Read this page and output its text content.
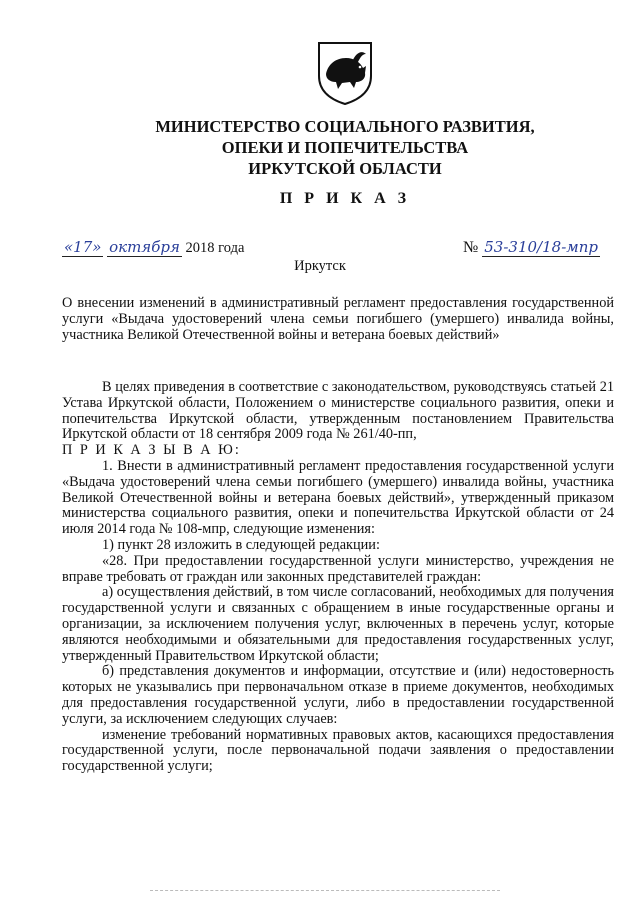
МИНИСТЕРСТВО СОЦИАЛЬНОГО РАЗВИТИЯ,
ОПЕКИ И ПОПЕЧИТЕЛЬСТВА
ИРКУТСКОЙ ОБЛАСТИ
П Р И К А З
«17» октября 2018 года	№ 53-310/18-мпр
Иркутск

О внесении изменений в административный регламент предоставления государственной услуги «Выдача удостоверений члена семьи погибшего (умершего) инвалида войны, участника Великой Отечественной войны и ветерана боевых действий»

В целях приведения в соответствие с законодательством, руководствуясь статьей 21 Устава Иркутской области, Положением о министерстве социального развития, опеки и попечительства Иркутской области, утвержденным постановлением Правительства Иркутской области от 18 сентября 2009 года № 261/40-пп,

П Р И К А З Ы В А Ю:

1. Внести в административный регламент предоставления государственной услуги «Выдача удостоверений члена семьи погибшего (умершего) инвалида войны, участника Великой Отечественной войны и ветерана боевых действий», утвержденный приказом министерства социального развития, опеки и попечительства Иркутской области от 24 июля 2014 года № 108-мпр, следующие изменения:

1) пункт 28 изложить в следующей редакции:

«28. При предоставлении государственной услуги министерство, учреждения не вправе требовать от граждан или законных представителей граждан:

а) осуществления действий, в том числе согласований, необходимых для получения государственной услуги и связанных с обращением в иные государственные органы и организации, за исключением получения услуг, включенных в перечень услуг, которые являются необходимыми и обязательными для предоставления государственных услуг, утвержденный Правительством Иркутской области;

б) представления документов и информации, отсутствие и (или) недостоверность которых не указывались при первоначальном отказе в приеме документов, необходимых для предоставления государственной услуги, либо в предоставлении государственной услуги, за исключением следующих случаев:

изменение требований нормативных правовых актов, касающихся предоставления государственной услуги, после первоначальной подачи заявления о предоставлении государственной услуги;
